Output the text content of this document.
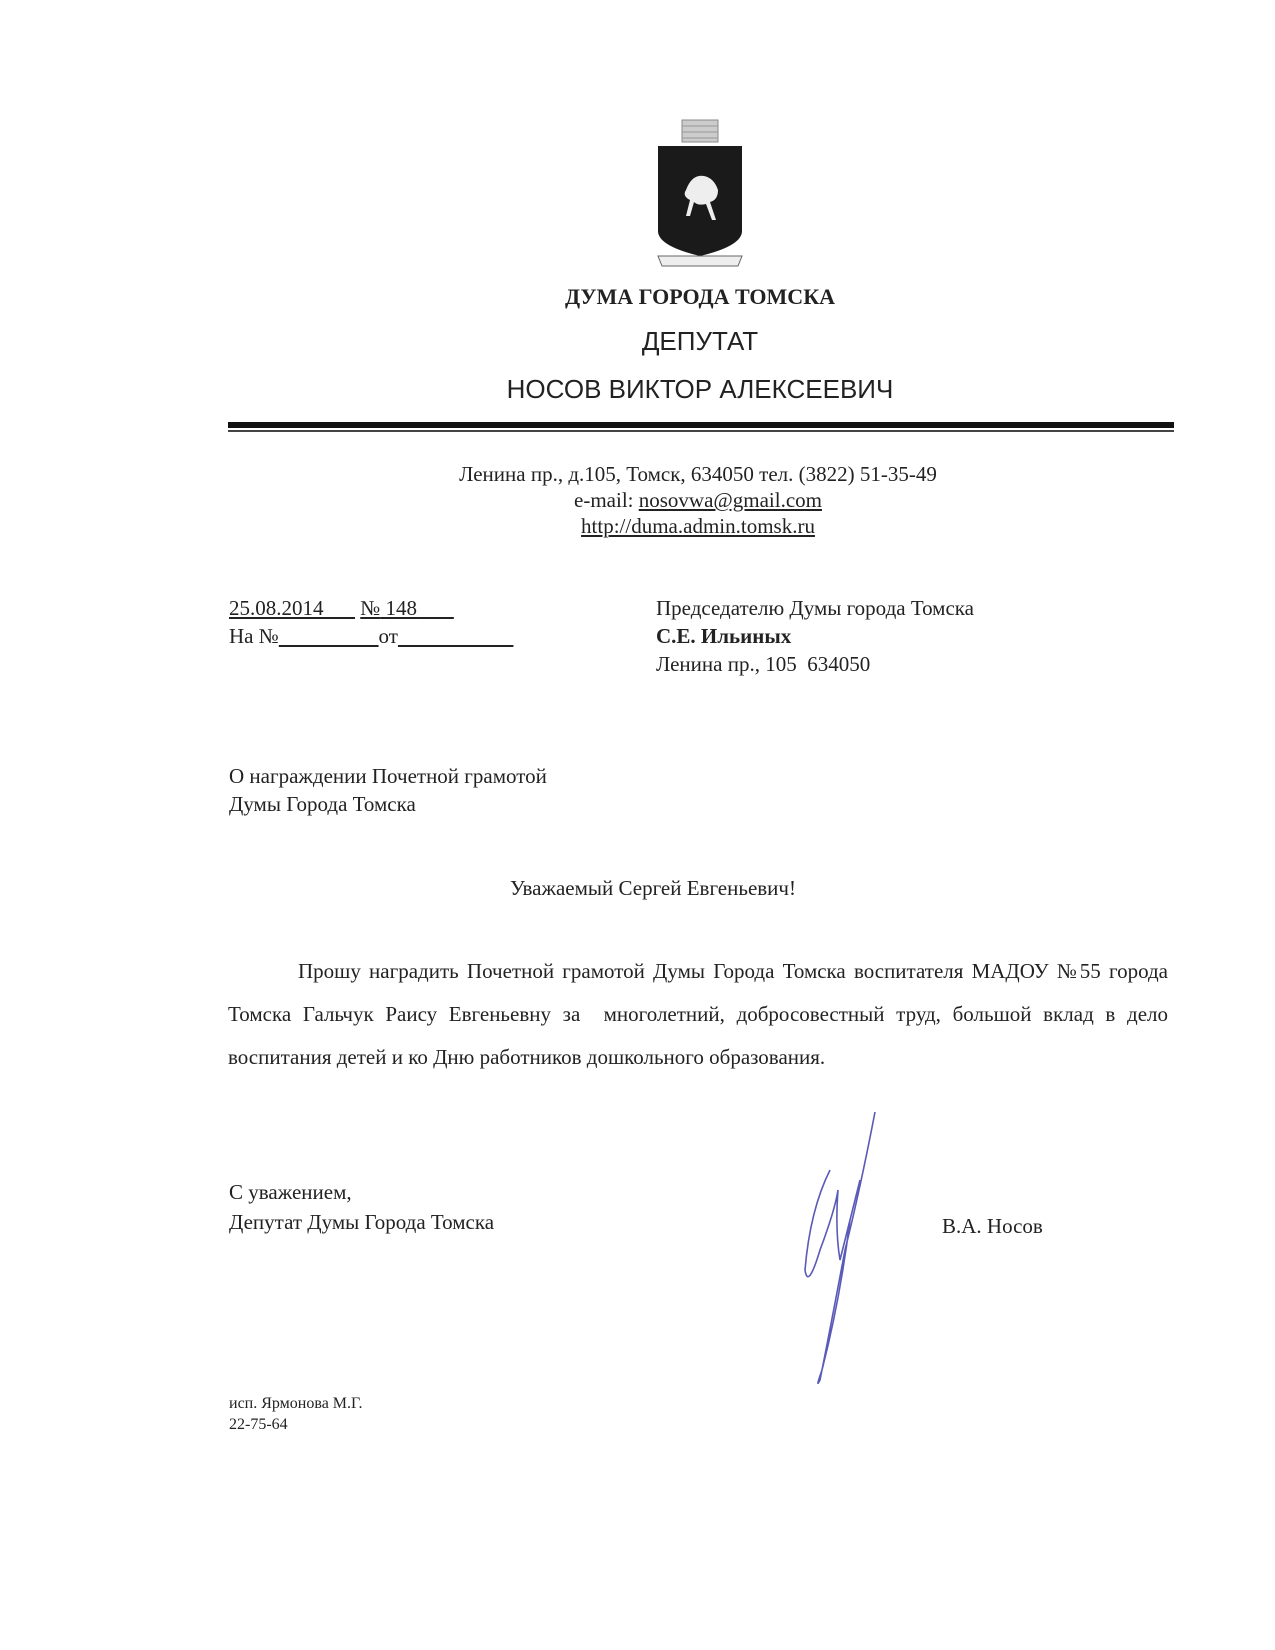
ДУМА ГОРОДА ТОМСКА
ДЕПУТАТ
НОСОВ ВИКТОР АЛЕКСЕЕВИЧ
Ленина пр., д.105, Томск, 634050 тел. (3822) 51-35-49
e-mail: nosovwa@gmail.com
http://duma.admin.tomsk.ru
25.08.2014 № 148
На №	от
Председателю Думы города Томска
С.Е. Ильиных
Ленина пр., 105  634050
О награждении Почетной грамотой
Думы Города Томска
Уважаемый Сергей Евгеньевич!
Прошу наградить Почетной грамотой Думы Города Томска воспитателя МАДОУ №55 города Томска Гальчук Раису Евгеньевну за  многолетний, добросовестный труд, большой вклад в дело воспитания детей и ко Дню работников дошкольного образования.
С уважением,
Депутат Думы Города Томска	В.А. Носов
исп. Ярмонова М.Г.
22-75-64
